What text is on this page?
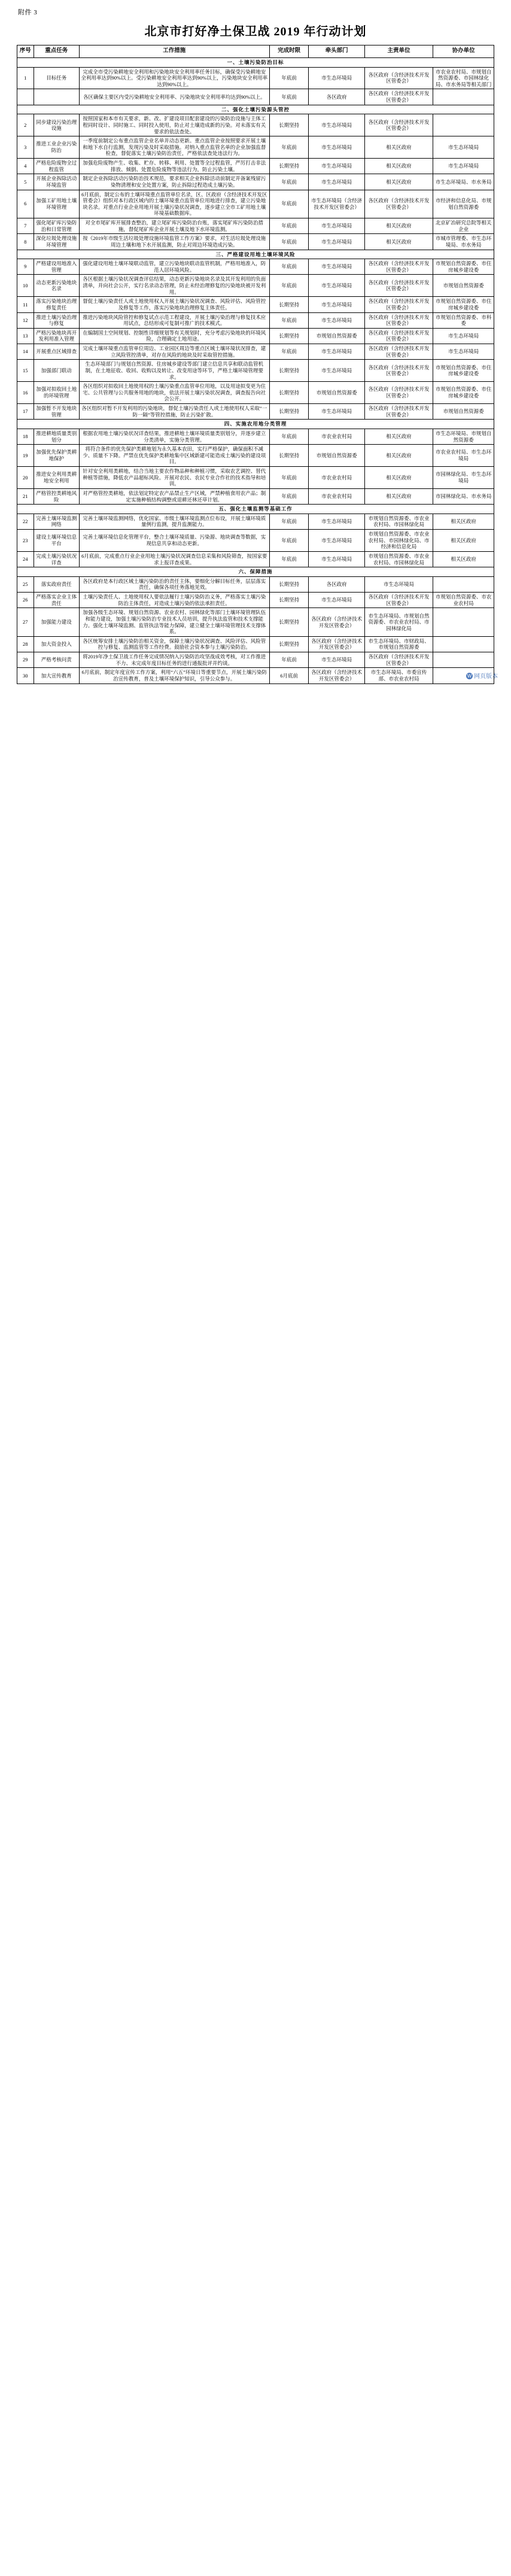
附件 3
北京市打好净土保卫战 2019 年行动计划
序号	重点任务	工作措施	完成时限	牵头部门	主责单位	协办单位
一、土壤污染防治目标						
1	目标任务	完成全市受污染耕地安全利用和污染地块安全利用率任务目标，确保受污染耕地安全利用率达到90%以上。受污染耕地安全利用率达到90%以上，污染地块安全利用率达到90%以上。	年底前	市生态环境局	各区政府（含经济技术开发区管委会）	市农业农村局、市规划自然资源委、市园林绿化局、市水务局等相关部门
		各区确保主要区内受污染耕地安全利用率、污染地块安全利用率均达到90%以上。	年底前	各区政府	各区政府（含经济技术开发区管委会）	
二、强化土壤污染源头管控						
2	同步建设污染治理设施	按照国家和本市有关要求，新、改、扩建设项目配套建设的污染防治设施与主体工程同时设计、同时施工、同时投入使用，防止对土壤造成新的污染。对未落实有关要求的依法查处。	长期坚持	市生态环境局	各区政府（含经济技术开发区管委会）	
3	推进工业企业污染防治	一季度前制定公布重点监管企业名单并动态更新。重点监管企业按照要求开展土壤和地下水自行监测，发现污染及时采取措施。对纳入重点监管名单的企业加强监督检查，督促落实土壤污染防治责任，严格依法查处违法行为。	年底前	市生态环境局	相关区政府	市生态环境局
4	严格危险废物全过程监管	加强危险废物产生、收集、贮存、转移、利用、处置等全过程监管，严厉打击非法排放、倾倒、处置危险废物等违法行为，防止污染土壤。	长期坚持	市生态环境局	相关区政府	市生态环境局
5	开展企业拆除活动环境监管	制定企业拆除活动污染防治技术规范，要求相关企业拆除活动前制定并备案残留污染物清理和安全处置方案，防止拆除过程造成土壤污染。	年底前	市生态环境局	相关区政府	市生态环境局、市水务局
6	加强工矿用地土壤环境管理	6月底前，制定公布的土壤环境重点监管单位名录，区、区政府（含经济技术开发区管委会）组织对本行政区域内的土壤环境重点监管单位用地进行排查，建立污染地块名录。对重点行业企业用地开展土壤污染状况调查，逐步建立全市工矿用地土壤环境基础数据库。	年底前	市生态环境局（含经济技术开发区管委会）	各区政府（含经济技术开发区管委会）	市经济和信息化局、市规划自然资源委
7	强化尾矿库污染防治和日常管理	对全市尾矿库开展排查整治，建立尾矿库污染防治台账，落实尾矿库污染防治措施，督促尾矿库企业开展土壤及地下水环境监测。	年底前	市生态环境局	相关区政府	北京矿冶研究总院等相关企业
8	深化垃圾处理设施环境管理	按《2019年市级生活垃圾处理设施环境监管工作方案》要求，对生活垃圾处理设施周边土壤和地下水开展监测，防止对周边环境造成污染。	年底前	市生态环境局	相关区政府	市城市管理委、市生态环境局、市水务局
三、严格建设用地土壤环境风险						
9	严格建设用地准入管理	强化建设用地土壤环境联动监管，建立污染地块联动监管机制，严格用地准入，防范人居环境风险。	年底前	市生态环境局	各区政府（含经济技术开发区管委会）	市规划自然资源委、市住房城乡建设委
10	动态更新污染地块名录	各区根据土壤污染状况调查评估结果，动态更新污染地块名录及其开发利用的负面清单，并向社会公开，实行名录动态管理，防止未经治理修复的污染地块被开发利用。	年底前	市生态环境局	各区政府（含经济技术开发区管委会）	市规划自然资源委
11	落实污染地块治理修复责任	督促土壤污染责任人或土地使用权人开展土壤污染状况调查、风险评估、风险管控及修复等工作，落实污染地块治理修复主体责任。	长期坚持	市生态环境局	各区政府（含经济技术开发区管委会）	市规划自然资源委、市住房城乡建设委
12	推进土壤污染治理与修复	推进污染地块风险管控和修复试点示范工程建设，开展土壤污染治理与修复技术应用试点，总结形成可复制可推广的技术模式。	年底前	市生态环境局	各区政府（含经济技术开发区管委会）	市规划自然资源委、市科委
13	严格污染地块再开发利用准入管理	在编制国土空间规划、控制性详细规划等有关规划时，充分考虑污染地块的环境风险，合理确定土地用途。	长期坚持	市规划自然资源委	各区政府（含经济技术开发区管委会）	市生态环境局
14	开展重点区域排查	完成土壤环境重点监管单位周边、工业园区周边等重点区域土壤环境状况排查，建立风险管控清单，对存在风险的地块及时采取管控措施。	年底前	市生态环境局	各区政府（含经济技术开发区管委会）	市生态环境局
15	加强部门联动	生态环境部门与规划自然资源、住房城乡建设等部门建立信息共享和联动监管机制，在土地征收、收回、收购以及转让、改变用途等环节，严格土壤环境管理要求。	长期坚持	市生态环境局	各区政府（含经济技术开发区管委会）	市规划自然资源委、市住房城乡建设委
16	加强对拟收回土地的环境管理	各区组织对拟收回土地使用权的土壤污染重点监管单位用地，以及用途拟变更为住宅、公共管理与公共服务用地的地块，依法开展土壤污染状况调查，调查报告向社会公开。	长期坚持	市规划自然资源委	各区政府（含经济技术开发区管委会）	市规划自然资源委、市住房城乡建设委
17	加强暂不开发地块管理	各区组织对暂不开发利用的污染地块，督促土壤污染责任人或土地使用权人采取“一防一隔”等管控措施，防止污染扩散。	长期坚持	市生态环境局	各区政府（含经济技术开发区管委会）	市规划自然资源委
四、实施农用地分类管理						
18	推进耕地质量类别划分	根据农用地土壤污染状况详查结果，推进耕地土壤环境质量类别划分，并逐步建立分类清单，实施分类管理。	年底前	市农业农村局	相关区政府	市生态环境局、市规划自然资源委
19	加强优先保护类耕地保护	将符合条件的优先保护类耕地划为永久基本农田，实行严格保护，确保面积不减少、质量不下降。严禁在优先保护类耕地集中区域新建可能造成土壤污染的建设项目。	长期坚持	市规划自然资源委	相关区政府	市农业农村局、市生态环境局
20	推进安全利用类耕地安全利用	针对安全利用类耕地，结合当地主要农作物品种和种植习惯，采取农艺调控、替代种植等措施，降低农产品超标风险。开展对农民、农民专业合作社的技术指导和培训。	年底前	市农业农村局	相关区政府	市园林绿化局、市生态环境局
21	严格管控类耕地风险	对严格管控类耕地，依法划定特定农产品禁止生产区域，严禁种植食用农产品；制定实施种植结构调整或退耕还林还草计划。	年底前	市农业农村局	相关区政府	市园林绿化局、市水务局
五、强化土壤监测等基础工作						
22	完善土壤环境监测网络	完善土壤环境监测网络，优化国家、市级土壤环境监测点位布设，开展土壤环境质量例行监测，提升监测能力。	年底前	市生态环境局	市规划自然资源委、市农业农村局、市园林绿化局	相关区政府
23	建设土壤环境信息平台	完善土壤环境信息化管理平台，整合土壤环境质量、污染源、地块调查等数据，实现信息共享和动态更新。	年底前	市生态环境局	市规划自然资源委、市农业农村局、市园林绿化局、市经济和信息化局	相关区政府
24	完成土壤污染状况详查	6月底前，完成重点行业企业用地土壤污染状况调查信息采集和风险筛查，按国家要求上报详查成果。	年底前	市生态环境局	市规划自然资源委、市农业农村局、市园林绿化局	相关区政府
六、保障措施						
25	落实政府责任	各区政府是本行政区域土壤污染防治的责任主体，要细化分解目标任务，层层落实责任，确保各项任务落地见效。	长期坚持	各区政府	市生态环境局	
26	严格落实企业主体责任	土壤污染责任人、土地使用权人要依法履行土壤污染防治义务，严格落实土壤污染防治主体责任，对造成土壤污染的依法承担责任。	长期坚持	市生态环境局	各区政府（含经济技术开发区管委会）	市规划自然资源委、市农业农村局
27	加强能力建设	加强各级生态环境、规划自然资源、农业农村、园林绿化等部门土壤环境管理队伍和能力建设，加强土壤污染防治专业技术人员培训，提升执法监管和技术支撑能力。强化土壤环境监测、监管执法等能力保障，建立健全土壤环境管理技术支撑体系。	长期坚持	各区政府（含经济技术开发区管委会）	市生态环境局、市规划自然资源委、市农业农村局、市园林绿化局	
28	加大资金投入	各区统筹安排土壤污染防治相关资金，保障土壤污染状况调查、风险评估、风险管控与修复、监测监管等工作经费。鼓励社会资本参与土壤污染防治。	长期坚持	各区政府（含经济技术开发区管委会）	市生态环境局、市财政局、市规划自然资源委	
29	严格考核问责	将2019年净土保卫战工作任务完成情况纳入污染防治攻坚战成效考核，对工作推进不力、未完成年度目标任务的进行通报批评并约谈。	年底前	市生态环境局	各区政府（含经济技术开发区管委会）	
30	加大宣传教育	6月底前，制定年度宣传工作方案，利用“六五”环境日等重要节点，开展土壤污染防治宣传教育，普及土壤环境保护知识，引导公众参与。	6月底前	各区政府（含经济技术开发区管委会）	市生态环境局、市委宣传部、市农业农村局		W 网页版本
